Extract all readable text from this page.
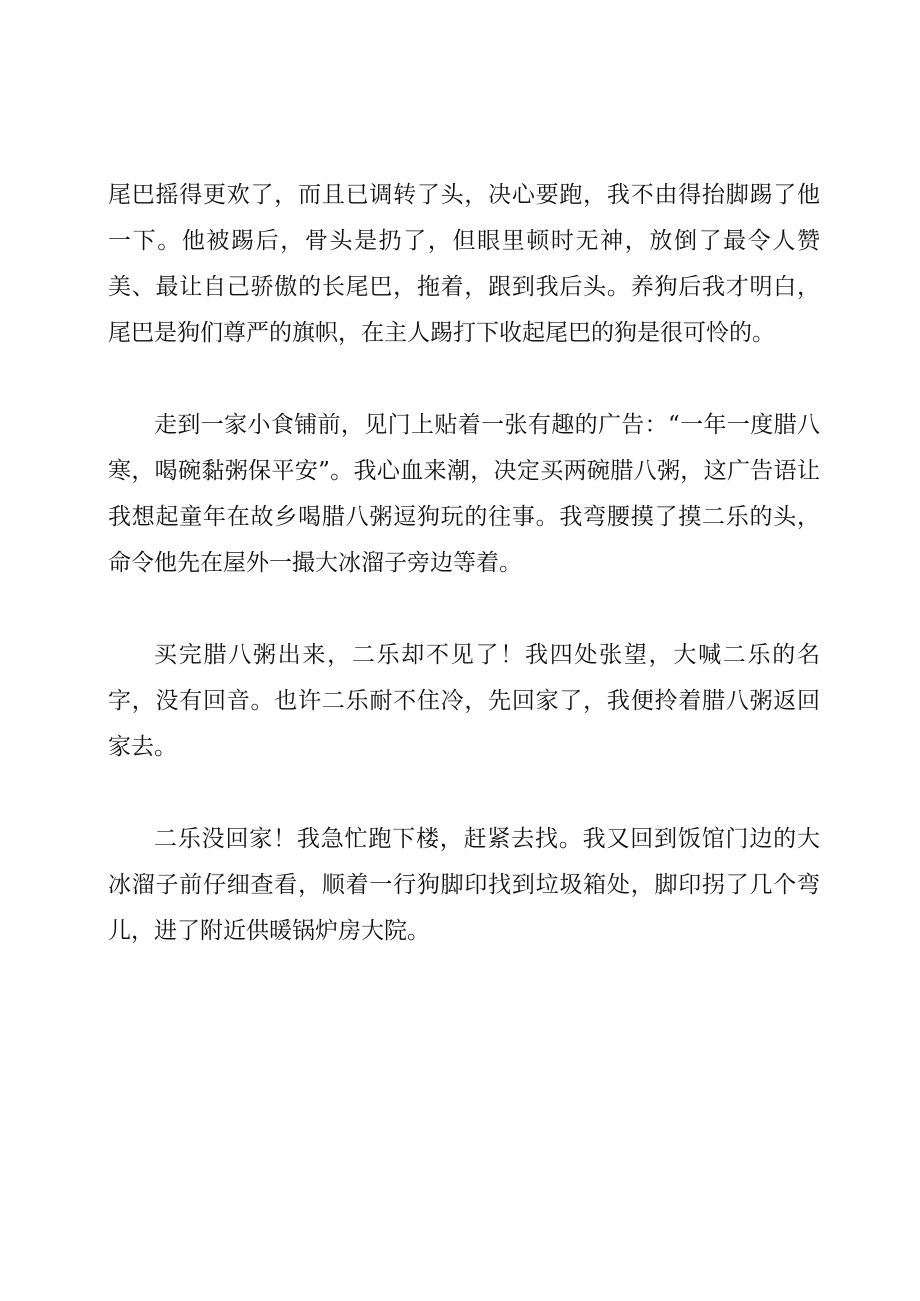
尾巴摇得更欢了，而且已调转了头，决心要跑，我不由得抬脚踢了他一下。他被踢后，骨头是扔了，但眼里顿时无神，放倒了最令人赞美、最让自己骄傲的长尾巴，拖着，跟到我后头。养狗后我才明白，尾巴是狗们尊严的旗帜，在主人踢打下收起尾巴的狗是很可怜的。

走到一家小食铺前，见门上贴着一张有趣的广告：“一年一度腊八寒，喝碗黏粥保平安”。我心血来潮，决定买两碗腊八粥，这广告语让我想起童年在故乡喝腊八粥逗狗玩的往事。我弯腰摸了摸二乐的头，命令他先在屋外一撮大冰溜子旁边等着。

买完腊八粥出来，二乐却不见了！我四处张望，大喊二乐的名字，没有回音。也许二乐耐不住冷，先回家了，我便拎着腊八粥返回家去。

二乐没回家！我急忙跑下楼，赶紧去找。我又回到饭馆门边的大冰溜子前仔细查看，顺着一行狗脚印找到垃圾箱处，脚印拐了几个弯儿，进了附近供暖锅炉房大院。
